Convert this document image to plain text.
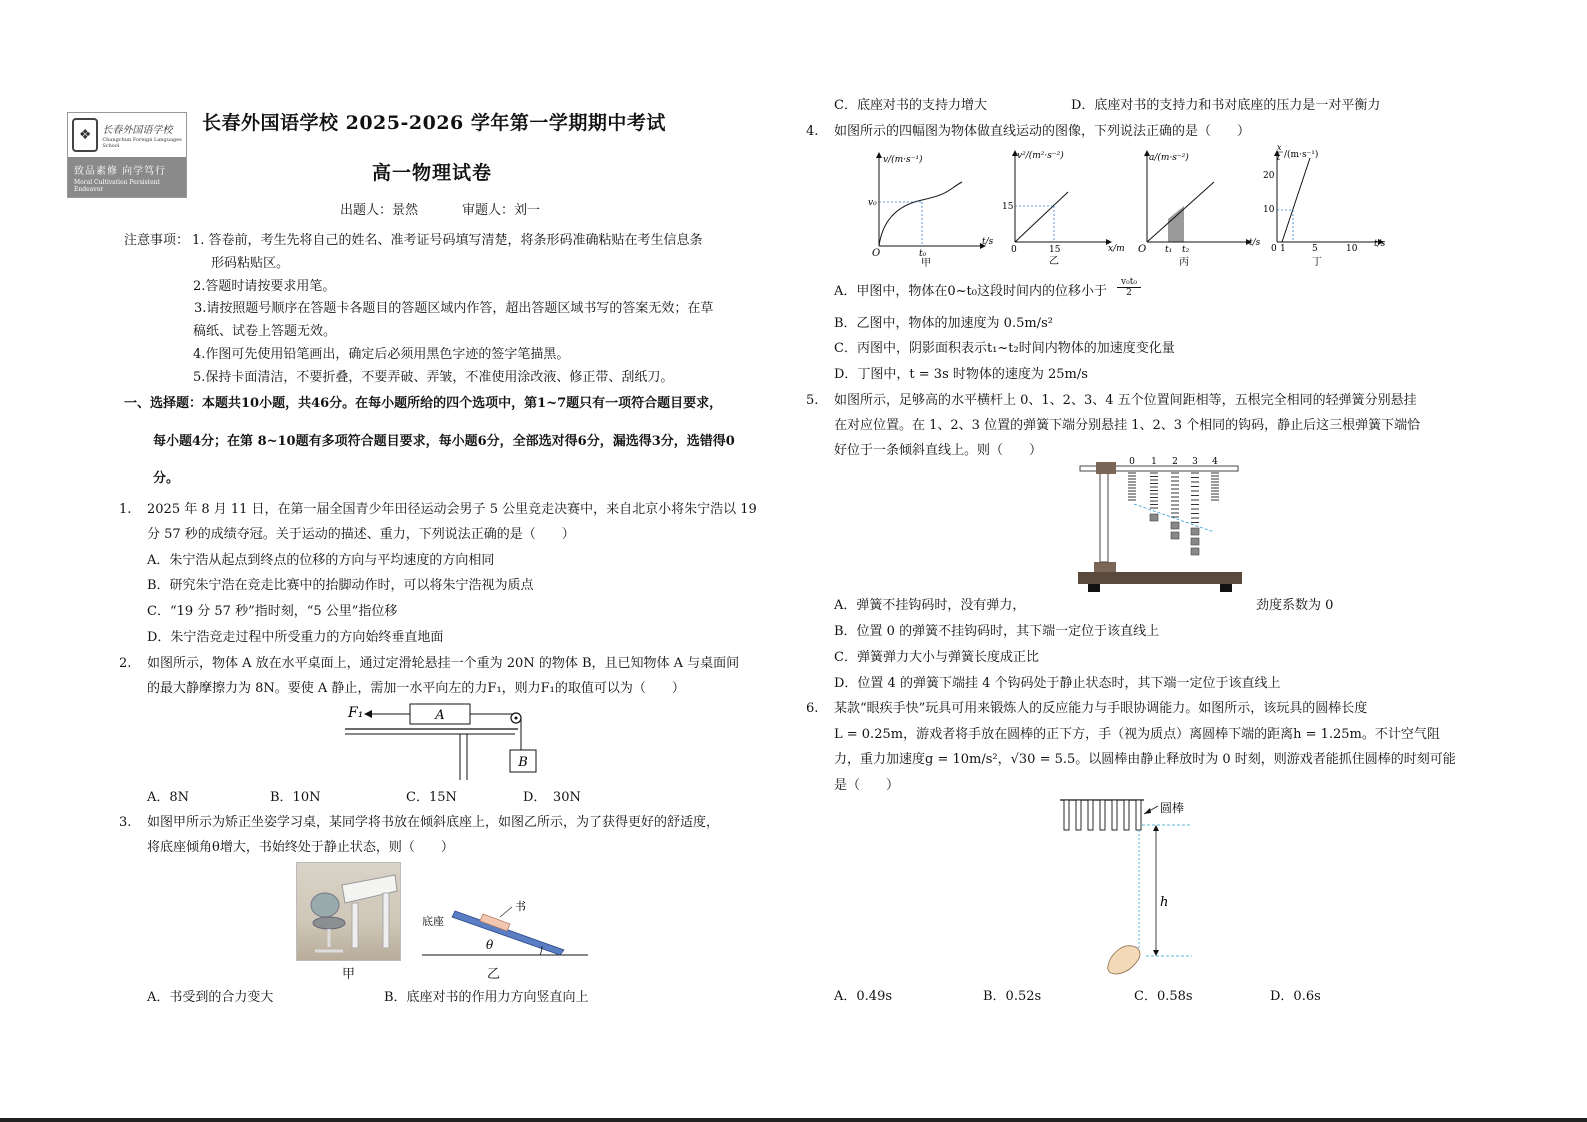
❖	长春外国语学校
Changchun Foreign Languages School
致品素修 向学笃行
Moral Cultivation Persistent Endeavor
长春外国语学校 2025-2026 学年第一学期期中考试
高一物理试卷
出题人：景然	审题人：刘一
注意事项： 1. 答卷前，考生先将自己的姓名、准考证号码填写清楚，将条形码准确粘贴在考生信息条
形码粘贴区。
2.答题时请按要求用笔。
3.请按照题号顺序在答题卡各题目的答题区域内作答，超出答题区域书写的答案无效；在草
稿纸、试卷上答题无效。
4.作图可先使用铅笔画出，确定后必须用黑色字迹的签字笔描黑。
5.保持卡面清洁，不要折叠，不要弄破、弄皱，不准使用涂改液、修正带、刮纸刀。
一、选择题：本题共10小题，共46分。在每小题所给的四个选项中，第1~7题只有一项符合题目要求，
每小题4分；在第 8~10题有多项符合题目要求，每小题6分，全部选对得6分，漏选得3分，选错得0
分。
1. 2025 年 8 月 11 日，在第一届全国青少年田径运动会男子 5 公里竞走决赛中，来自北京小将朱宁浩以 19
分 57 秒的成绩夺冠。关于运动的描述、重力，下列说法正确的是（　　）
A．朱宁浩从起点到终点的位移的方向与平均速度的方向相同
B．研究朱宁浩在竞走比赛中的抬脚动作时，可以将朱宁浩视为质点
C．“19 分 57 秒”指时刻，“5 公里”指位移
D．朱宁浩竞走过程中所受重力的方向始终垂直地面
2. 如图所示，物体 A 放在水平桌面上，通过定滑轮悬挂一个重为 20N 的物体 B，且已知物体 A 与桌面间
的最大静摩擦力为 8N。要使 A 静止，需加一水平向左的力F₁，则力F₁的取值可以为（　　）
A
B
F₁
A．8N	B．10N	C．15N	D．　30N
3. 如图甲所示为矫正坐姿学习桌，某同学将书放在倾斜底座上，如图乙所示，为了获得更好的舒适度，
将底座倾角θ增大，书始终处于静止状态，则（　　）
甲
书
底座
θ
乙
A．书受到的合力变大	B．底座对书的作用力方向竖直向上
C．底座对书的支持力增大	D．底座对书的支持力和书对底座的压力是一对平衡力
4. 如图所示的四幅图为物体做直线运动的图像，下列说法正确的是（　　）
v/(m·s⁻¹)
v₀
t₀
t/s
O
甲
v²/(m²·s⁻²)
15
0	15	x/m
乙
a/(m·s⁻²)
O t₁ t₂
t/s
丙
x
t /(m·s⁻¹)
20
10
0 1	5	10 t/s
丁
A．甲图中，物体在0~t₀这段时间内的位移小于
v₀t₀
2
B．乙图中，物体的加速度为 0.5m/s²
C．丙图中，阴影面积表示t₁~t₂时间内物体的加速度变化量
D．丁图中，t = 3s 时物体的速度为 25m/s
5. 如图所示，足够高的水平横杆上 0、1、2、3、4 五个位置间距相等，五根完全相同的轻弹簧分别悬挂
在对应位置。在 1、2、3 位置的弹簧下端分别悬挂 1、2、3 个相同的钩码，静止后这三根弹簧下端恰
好位于一条倾斜直线上。则（　　）
0 1 2 3 4
A．弹簧不挂钩码时，没有弹力，	劲度系数为 0
B．位置 0 的弹簧不挂钩码时，其下端一定位于该直线上
C．弹簧弹力大小与弹簧长度成正比
D．位置 4 的弹簧下端挂 4 个钩码处于静止状态时，其下端一定位于该直线上
6. 某款“眼疾手快”玩具可用来锻炼人的反应能力与手眼协调能力。如图所示，该玩具的圆棒长度
L = 0.25m，游戏者将手放在圆棒的正下方，手（视为质点）离圆棒下端的距离h = 1.25m。不计空气阻
力，重力加速度g = 10m/s²，√30 = 5.5。以圆棒由静止释放时为 0 时刻，则游戏者能抓住圆棒的时刻可能
是（　　）
圆棒
h
A．0.49s	B．0.52s	C．0.58s	D．0.6s
